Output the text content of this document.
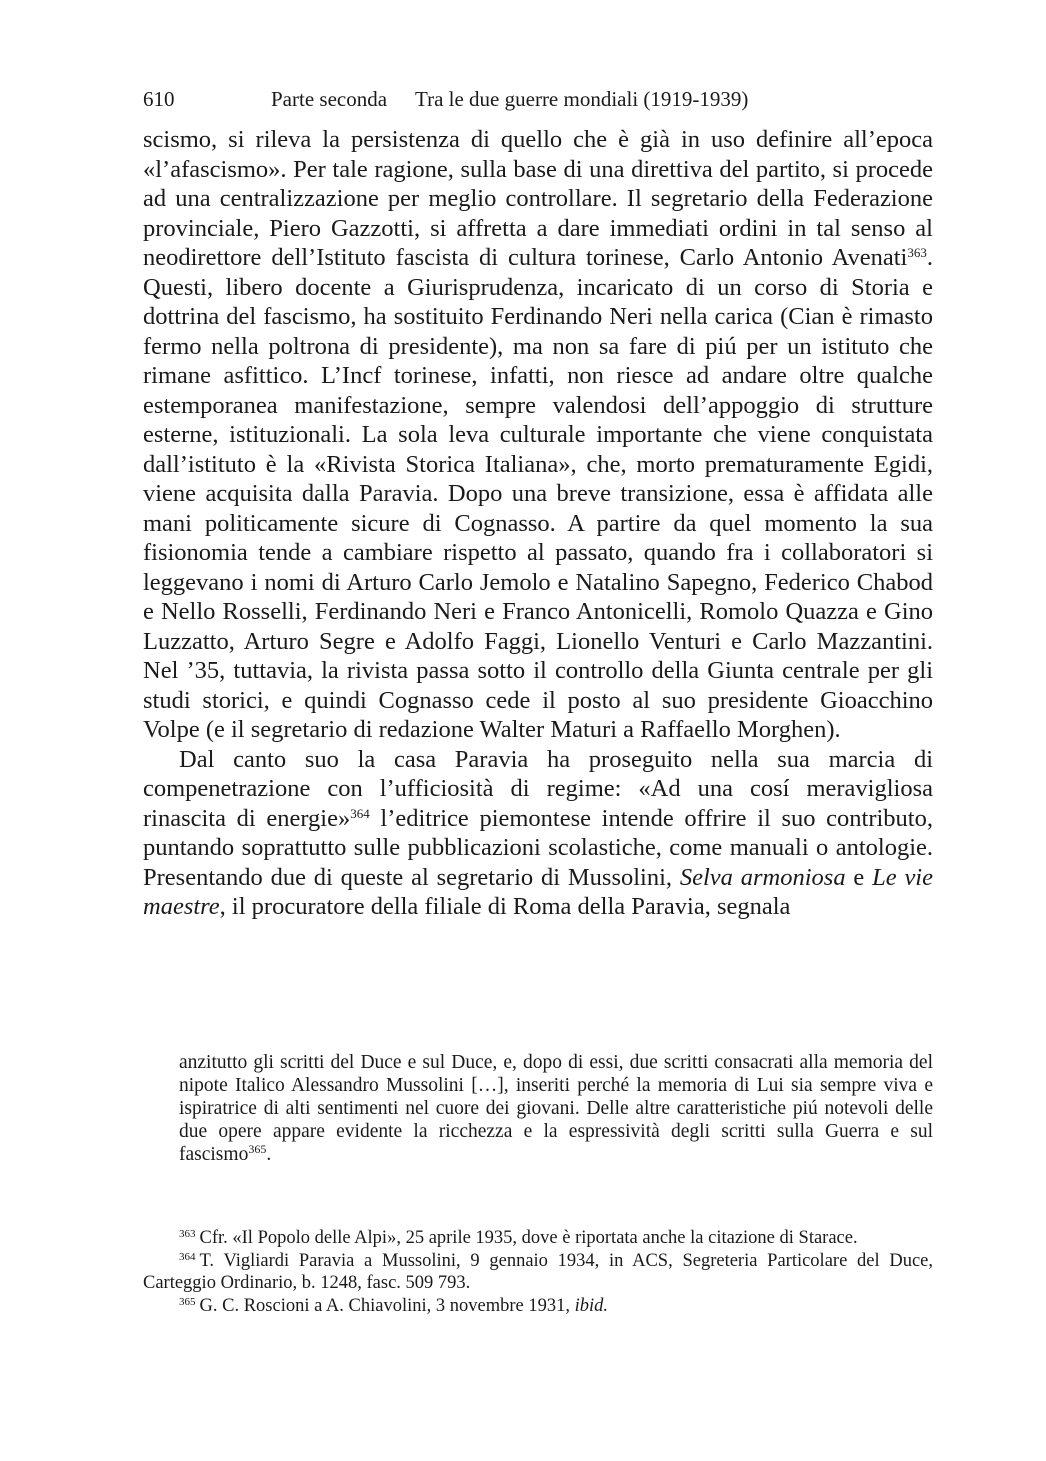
610	Parte seconda Tra le due guerre mondiali (1919-1939)

scismo, si rileva la persistenza di quello che è già in uso definire all’epoca «l’afascismo». Per tale ragione, sulla base di una direttiva del partito, si procede ad una centralizzazione per meglio controllare. Il segretario della Federazione provinciale, Piero Gazzotti, si affretta a dare immediati ordini in tal senso al neodirettore dell’Istituto fascista di cultura torinese, Carlo Antonio Avenati$^{363}$. Questi, libero docente a Giurisprudenza, incaricato di un corso di Storia e dottrina del fascismo, ha sostituito Ferdinando Neri nella carica (Cian è rimasto fermo nella poltrona di presidente), ma non sa fare di piú per un istituto che rimane asfittico. L’Incf torinese, infatti, non riesce ad andare oltre qualche estemporanea manifestazione, sempre valendosi dell’appoggio di strutture esterne, istituzionali. La sola leva culturale importante che viene conquistata dall’istituto è la «Rivista Storica Italiana», che, morto prematuramente Egidi, viene acquisita dalla Paravia. Dopo una breve transizione, essa è affidata alle mani politicamente sicure di Cognasso. A partire da quel momento la sua fisionomia tende a cambiare rispetto al passato, quando fra i collaboratori si leggevano i nomi di Arturo Carlo Jemolo e Natalino Sapegno, Federico Chabod e Nello Rosselli, Ferdinando Neri e Franco Antonicelli, Romolo Quazza e Gino Luzzatto, Arturo Segre e Adolfo Faggi, Lionello Venturi e Carlo Mazzantini. Nel ’35, tuttavia, la rivista passa sotto il controllo della Giunta centrale per gli studi storici, e quindi Cognasso cede il posto al suo presidente Gioacchino Volpe (e il segretario di redazione Walter Maturi a Raffaello Morghen).

Dal canto suo la casa Paravia ha proseguito nella sua marcia di compenetrazione con l’ufficiosità di regime: «Ad una cosí meravigliosa rinascita di energie»$^{364}$ l’editrice piemontese intende offrire il suo contributo, puntando soprattutto sulle pubblicazioni scolastiche, come manuali o antologie. Presentando due di queste al segretario di Mussolini, Selva armoniosa e Le vie maestre, il procuratore della filiale di Roma della Paravia, segnala

anzitutto gli scritti del Duce e sul Duce, e, dopo di essi, due scritti consacrati alla memoria del nipote Italico Alessandro Mussolini […], inseriti perché la memoria di Lui sia sempre viva e ispiratrice di alti sentimenti nel cuore dei giovani. Delle altre caratteristiche piú notevoli delle due opere appare evidente la ricchezza e la espressività degli scritti sulla Guerra e sul fascismo$^{365}$.

$^{363}$ Cfr. «Il Popolo delle Alpi», 25 aprile 1935, dove è riportata anche la citazione di Starace.

$^{364}$ T. Vigliardi Paravia a Mussolini, 9 gennaio 1934, in ACS, Segreteria Particolare del Duce, Carteggio Ordinario, b. 1248, fasc. 509 793.

$^{365}$ G. C. Roscioni a A. Chiavolini, 3 novembre 1931, ibid.
